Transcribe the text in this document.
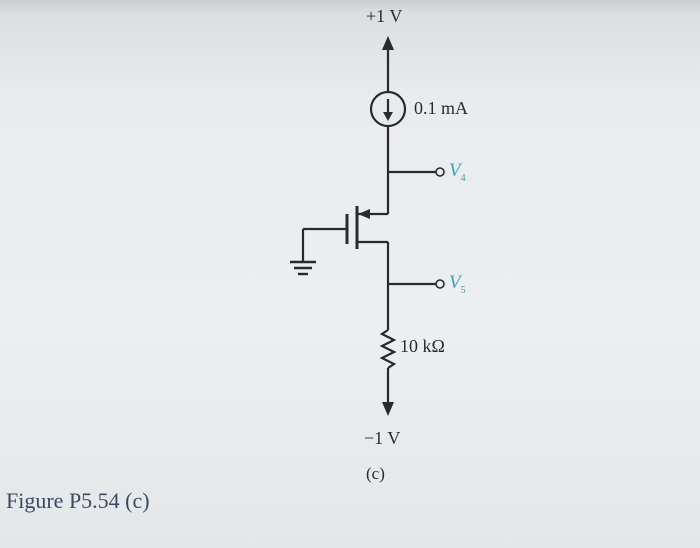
+1 V
0.1 mA
$V_4$
$V_5$
10 kΩ
−1 V
(c)
Figure P5.54 (c)
